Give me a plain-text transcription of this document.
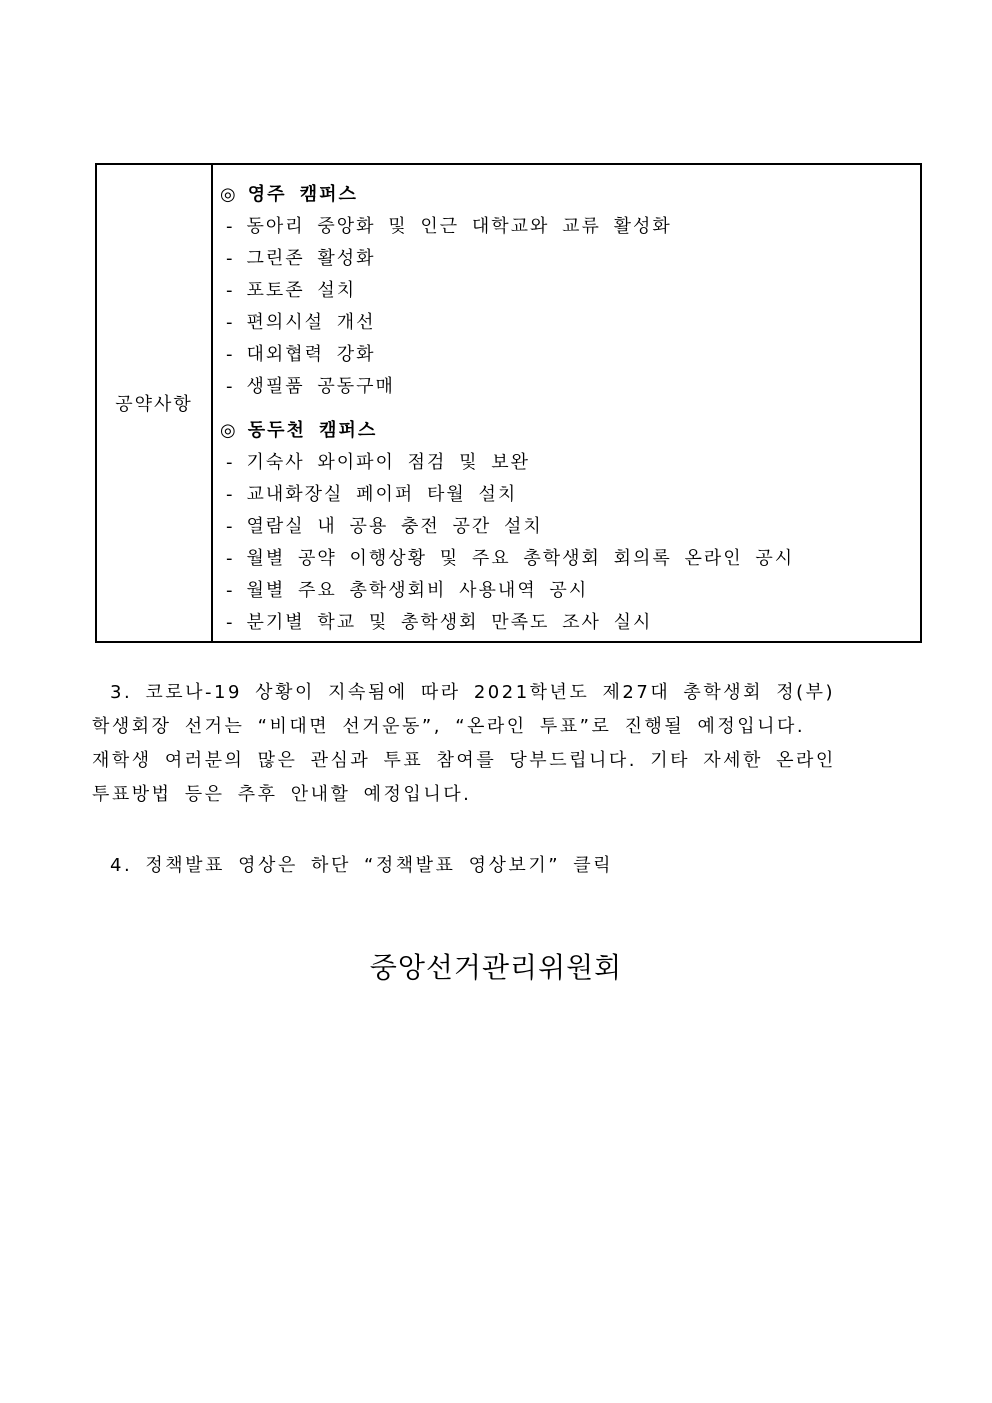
공약사항
◎ 영주 캠퍼스
- 동아리 중앙화 및 인근 대학교와 교류 활성화
- 그린존 활성화
- 포토존 설치
- 편의시설 개선
- 대외협력 강화
- 생필품 공동구매
◎ 동두천 캠퍼스
- 기숙사 와이파이 점검 및 보완
- 교내화장실 페이퍼 타월 설치
- 열람실 내 공용 충전 공간 설치
- 월별 공약 이행상황 및 주요 총학생회 회의록 온라인 공시
- 월별 주요 총학생회비 사용내역 공시
- 분기별 학교 및 총학생회 만족도 조사 실시
3. 코로나-19 상황이 지속됨에 따라 2021학년도 제27대 총학생회 정(부)
학생회장 선거는 “비대면 선거운동”, “온라인 투표”로 진행될 예정입니다.
재학생 여러분의 많은 관심과 투표 참여를 당부드립니다. 기타 자세한 온라인
투표방법 등은 추후 안내할 예정입니다.
4. 정책발표 영상은 하단 “정책발표 영상보기” 클릭
중앙선거관리위원회
